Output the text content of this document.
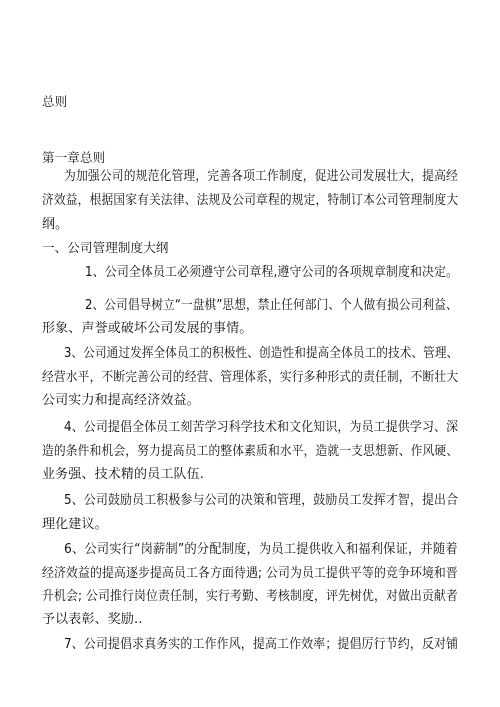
总则

第一章总则

为加强公司的规范化管理，完善各项工作制度，促进公司发展壮大，提高经

济效益，根据国家有关法律、法规及公司章程的规定，特制订本公司管理制度大

纲。

一、公司管理制度大纲

1、公司全体员工必须遵守公司章程,遵守公司的各项规章制度和决定。

2、公司倡导树立“一盘棋”思想，禁止任何部门、个人做有损公司利益、

形象、声誉或破坏公司发展的事情。

3、公司通过发挥全体员工的积极性、创造性和提高全体员工的技术、管理、

经营水平，不断完善公司的经营、管理体系，实行多种形式的责任制，不断壮大

公司实力和提高经济效益。

4、公司提倡全体员工刻苦学习科学技术和文化知识，为员工提供学习、深

造的条件和机会，努力提高员工的整体素质和水平，造就一支思想新、作风硬、

业务强、技术精的员工队伍.

5、公司鼓励员工积极参与公司的决策和管理，鼓励员工发挥才智，提出合

理化建议。

6、公司实行“岗薪制”的分配制度，为员工提供收入和福利保证，并随着

经济效益的提高逐步提高员工各方面待遇; 公司为员工提供平等的竞争环境和晋

升机会; 公司推行岗位责任制，实行考勤、考核制度，评先树优，对做出贡献者

予以表彰、奖励..

7、公司提倡求真务实的工作作风，提高工作效率；提倡厉行节约，反对铺
